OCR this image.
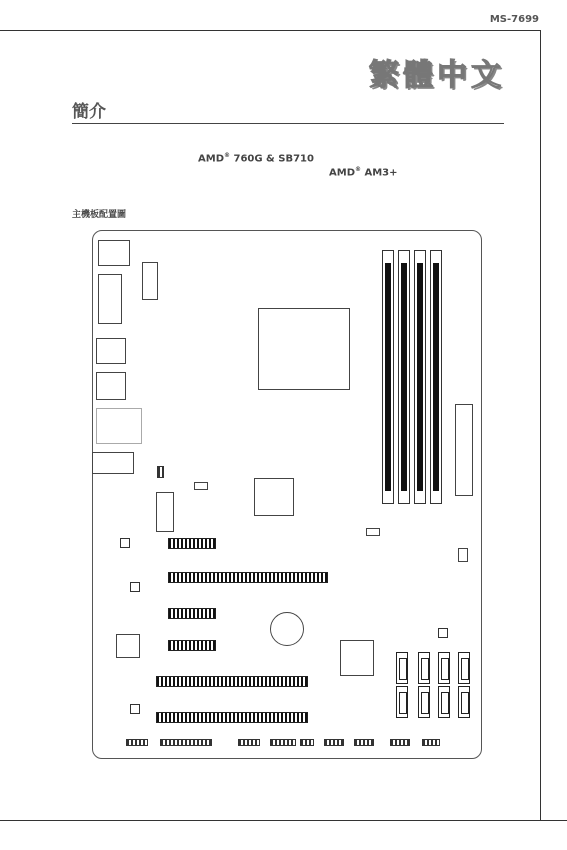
MS-7699
繁體中文
簡介
AMD® 760G & SB710
AMD® AM3+
主機板配置圖
